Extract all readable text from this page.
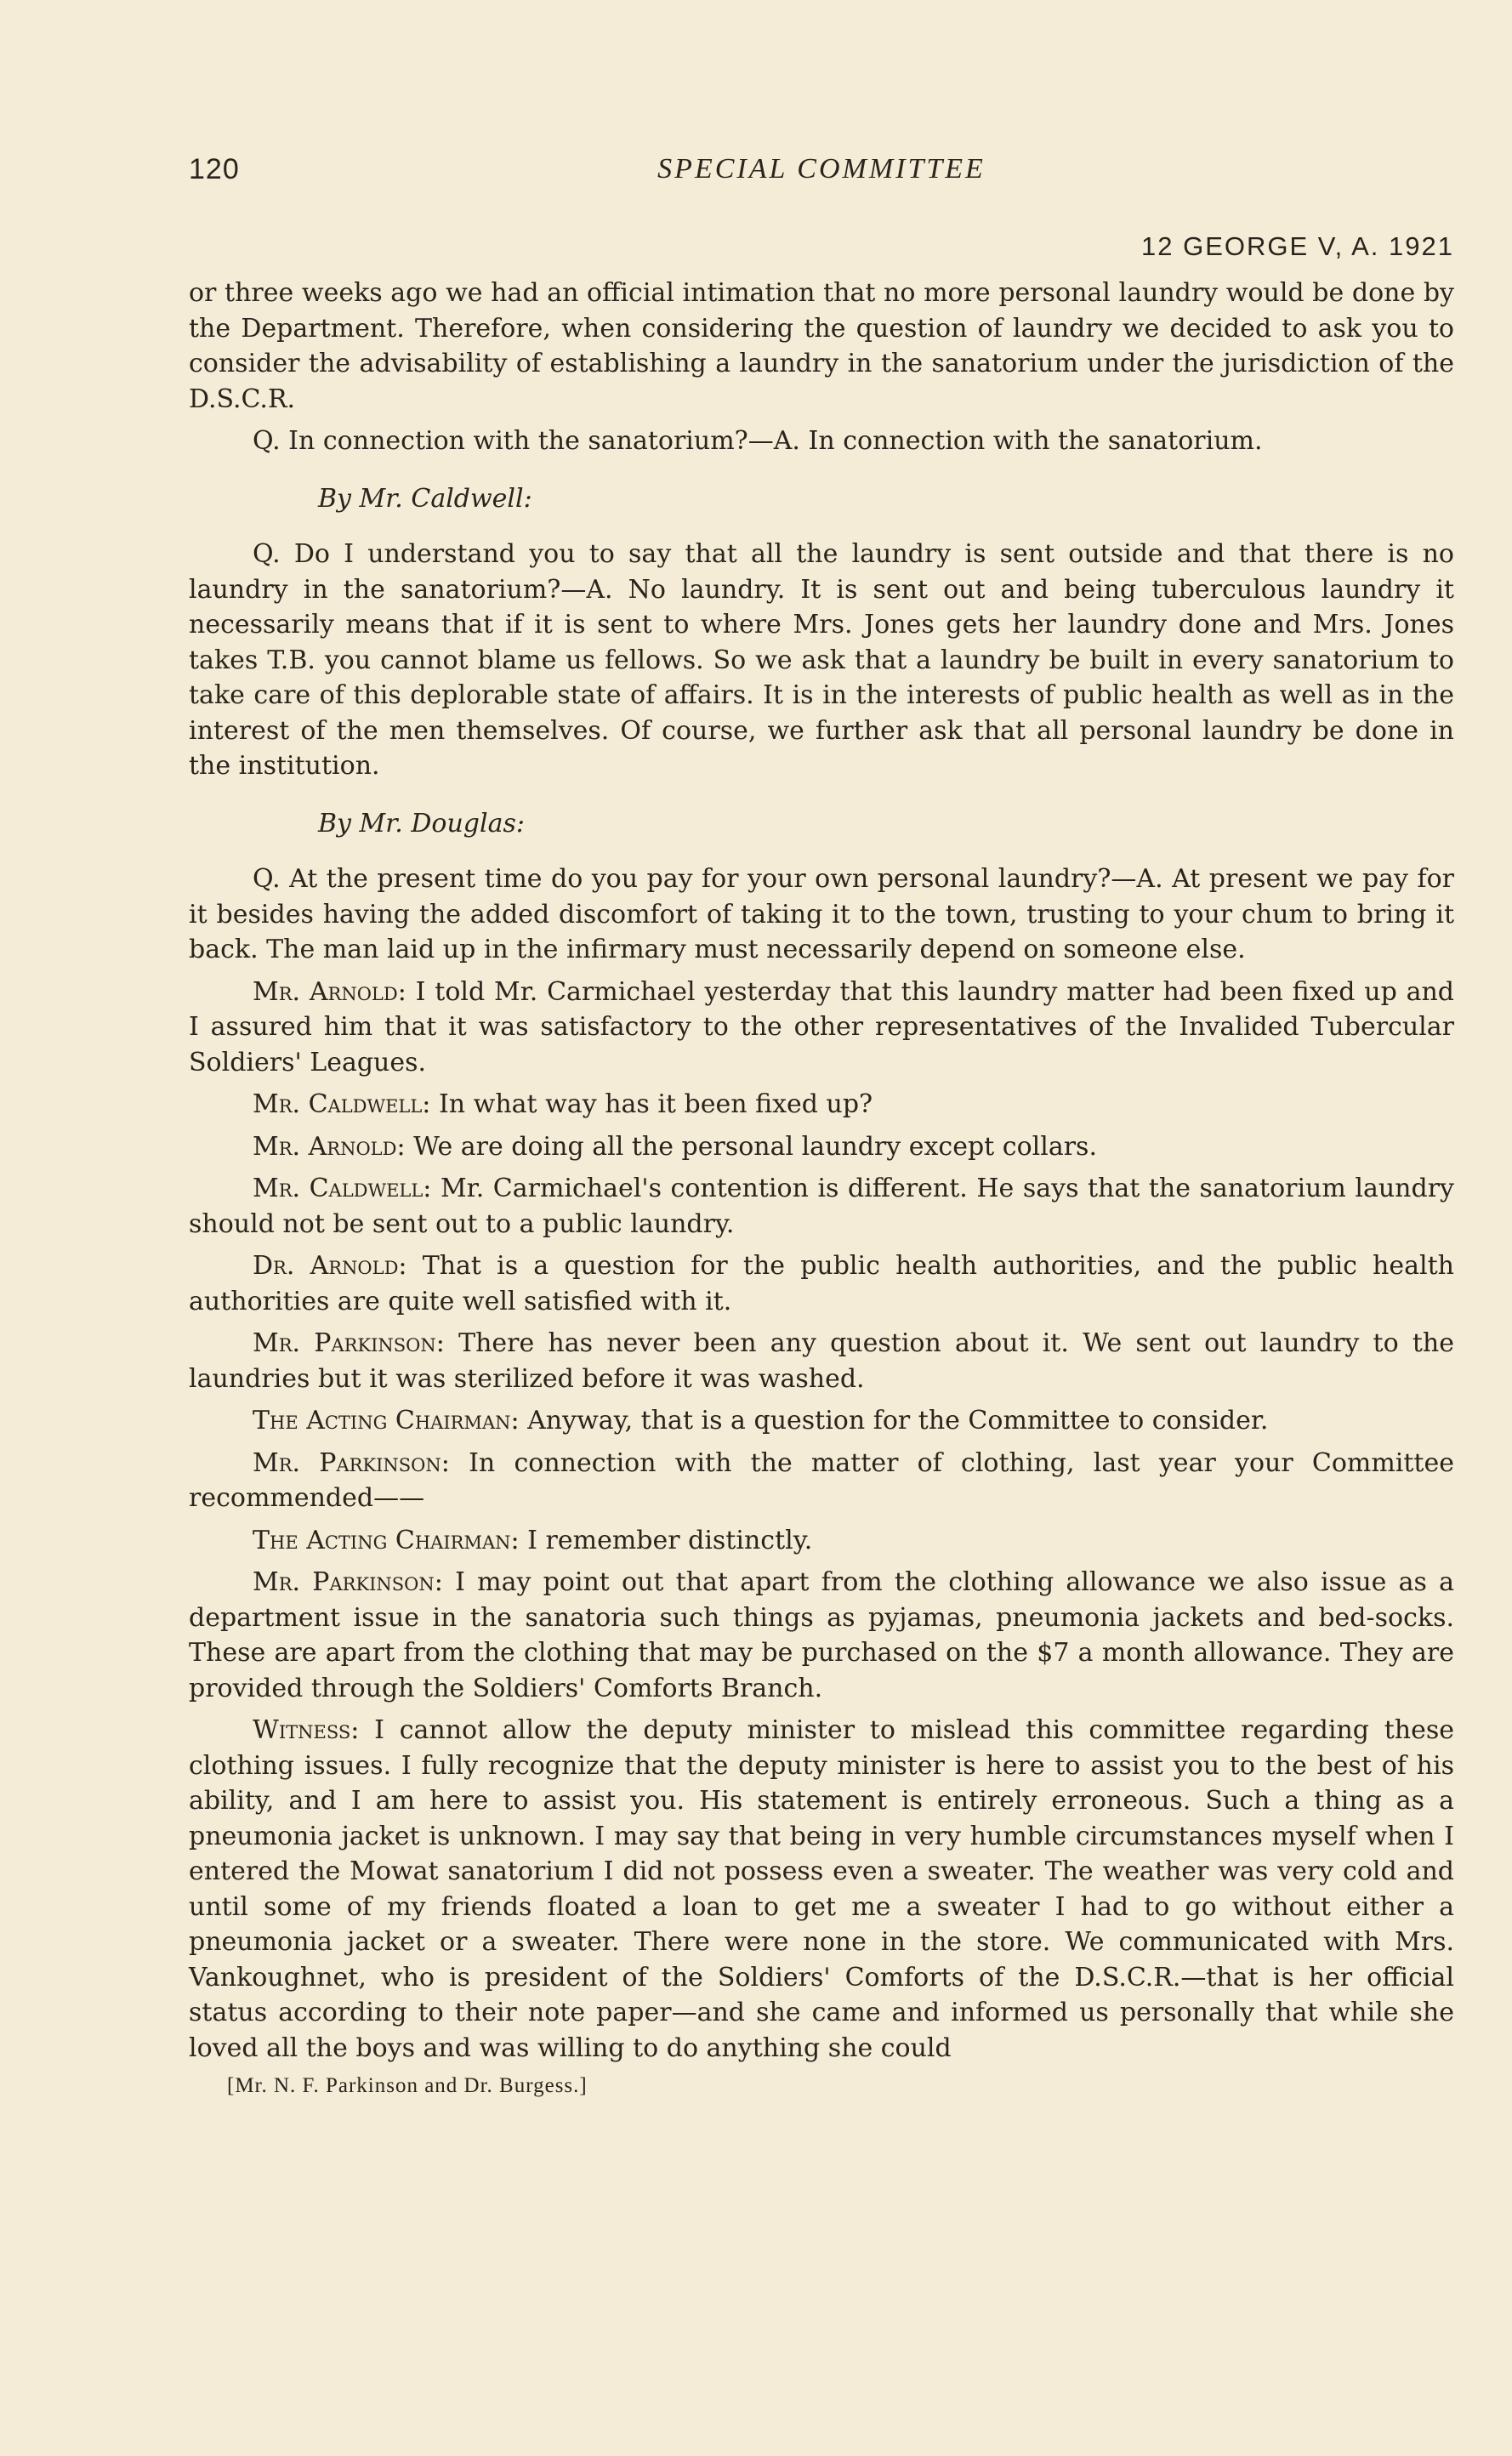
120	SPECIAL COMMITTEE
12 GEORGE V, A. 1921

or three weeks ago we had an official intimation that no more personal laundry would be done by the Department. Therefore, when considering the question of laundry we decided to ask you to consider the advisability of establishing a laundry in the sanatorium under the jurisdiction of the D.S.C.R.

Q. In connection with the sanatorium?—A. In connection with the sanatorium.

By Mr. Caldwell:

Q. Do I understand you to say that all the laundry is sent outside and that there is no laundry in the sanatorium?—A. No laundry. It is sent out and being tuberculous laundry it necessarily means that if it is sent to where Mrs. Jones gets her laundry done and Mrs. Jones takes T.B. you cannot blame us fellows. So we ask that a laundry be built in every sanatorium to take care of this deplorable state of affairs. It is in the interests of public health as well as in the interest of the men themselves. Of course, we further ask that all personal laundry be done in the institution.

By Mr. Douglas:

Q. At the present time do you pay for your own personal laundry?—A. At present we pay for it besides having the added discomfort of taking it to the town, trusting to your chum to bring it back. The man laid up in the infirmary must necessarily depend on someone else.

Mr. Arnold: I told Mr. Carmichael yesterday that this laundry matter had been fixed up and I assured him that it was satisfactory to the other representatives of the Invalided Tubercular Soldiers' Leagues.

Mr. Caldwell: In what way has it been fixed up?

Mr. Arnold: We are doing all the personal laundry except collars.

Mr. Caldwell: Mr. Carmichael's contention is different. He says that the sanatorium laundry should not be sent out to a public laundry.

Dr. Arnold: That is a question for the public health authorities, and the public health authorities are quite well satisfied with it.

Mr. Parkinson: There has never been any question about it. We sent out laundry to the laundries but it was sterilized before it was washed.

The Acting Chairman: Anyway, that is a question for the Committee to consider.

Mr. Parkinson: In connection with the matter of clothing, last year your Committee recommended——

The Acting Chairman: I remember distinctly.

Mr. Parkinson: I may point out that apart from the clothing allowance we also issue as a department issue in the sanatoria such things as pyjamas, pneumonia jackets and bed-socks. These are apart from the clothing that may be purchased on the $7 a month allowance. They are provided through the Soldiers' Comforts Branch.

Witness: I cannot allow the deputy minister to mislead this committee regarding these clothing issues. I fully recognize that the deputy minister is here to assist you to the best of his ability, and I am here to assist you. His statement is entirely erroneous. Such a thing as a pneumonia jacket is unknown. I may say that being in very humble circumstances myself when I entered the Mowat sanatorium I did not possess even a sweater. The weather was very cold and until some of my friends floated a loan to get me a sweater I had to go without either a pneumonia jacket or a sweater. There were none in the store. We communicated with Mrs. Vankoughnet, who is president of the Soldiers' Comforts of the D.S.C.R.—that is her official status according to their note paper—and she came and informed us personally that while she loved all the boys and was willing to do anything she could

[Mr. N. F. Parkinson and Dr. Burgess.]
